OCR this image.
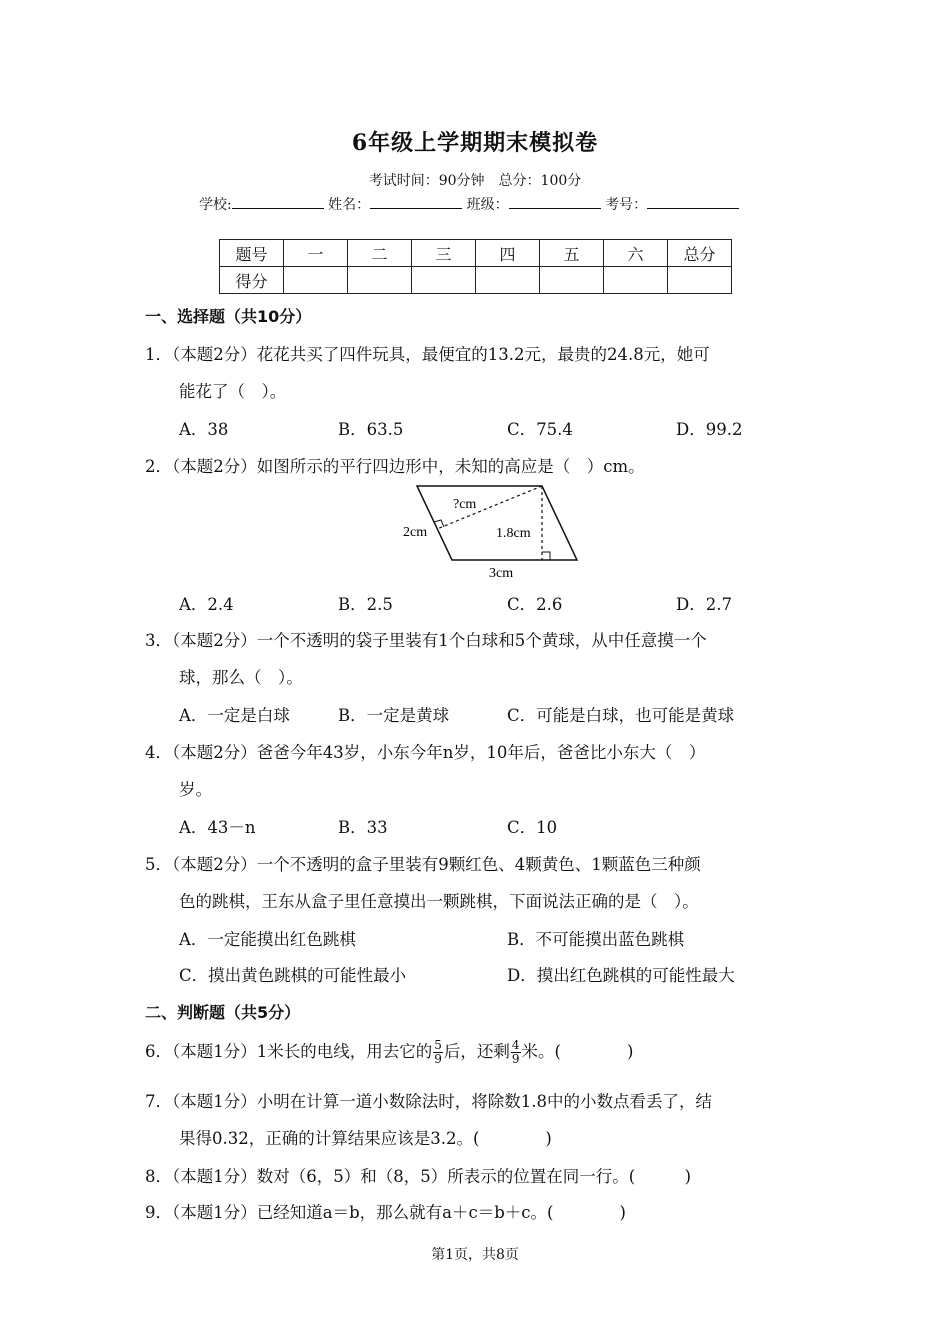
6年级上学期期末模拟卷
考试时间：90分钟　总分：100分
学校:	姓名：	班级：	考号：
题号	一	二	三	四	五	六	总分
得分							
一、选择题（共10分）
1．（本题2分）花花共买了四件玩具，最便宜的13.2元，最贵的24.8元，她可
能花了（　）。
A．38	B．63.5	C．75.4	D．99.2
2．（本题2分）如图所示的平行四边形中，未知的高应是（　）cm。
?cm
2cm	1.8cm
3cm
A．2.4	B．2.5	C．2.6	D．2.7
3．（本题2分）一个不透明的袋子里装有1个白球和5个黄球，从中任意摸一个
球，那么（　）。
A．一定是白球	B．一定是黄球	C．可能是白球，也可能是黄球
4．（本题2分）爸爸今年43岁，小东今年n岁，10年后，爸爸比小东大（　）
岁。
A．43－n	B．33	C．10
5．（本题2分）一个不透明的盒子里装有9颗红色、4颗黄色、1颗蓝色三种颜
色的跳棋，王东从盒子里任意摸出一颗跳棋，下面说法正确的是（　）。
A．一定能摸出红色跳棋	B．不可能摸出蓝色跳棋
C．摸出黄色跳棋的可能性最小	D．摸出红色跳棋的可能性最大
二、判断题（共5分）
6．（本题1分）1米长的电线，用去它的 $\frac{5}{9}$ 后，还剩 $\frac{4}{9}$ 米。(　　　　)
7．（本题1分）小明在计算一道小数除法时，将除数1.8中的小数点看丢了，结
果得0.32，正确的计算结果应该是3.2。(　　　　)
8．（本题1分）数对（6，5）和（8，5）所表示的位置在同一行。(　　　)
9．（本题1分）已经知道a＝b，那么就有a＋c＝b＋c。(　　　　)
第1页，共8页
